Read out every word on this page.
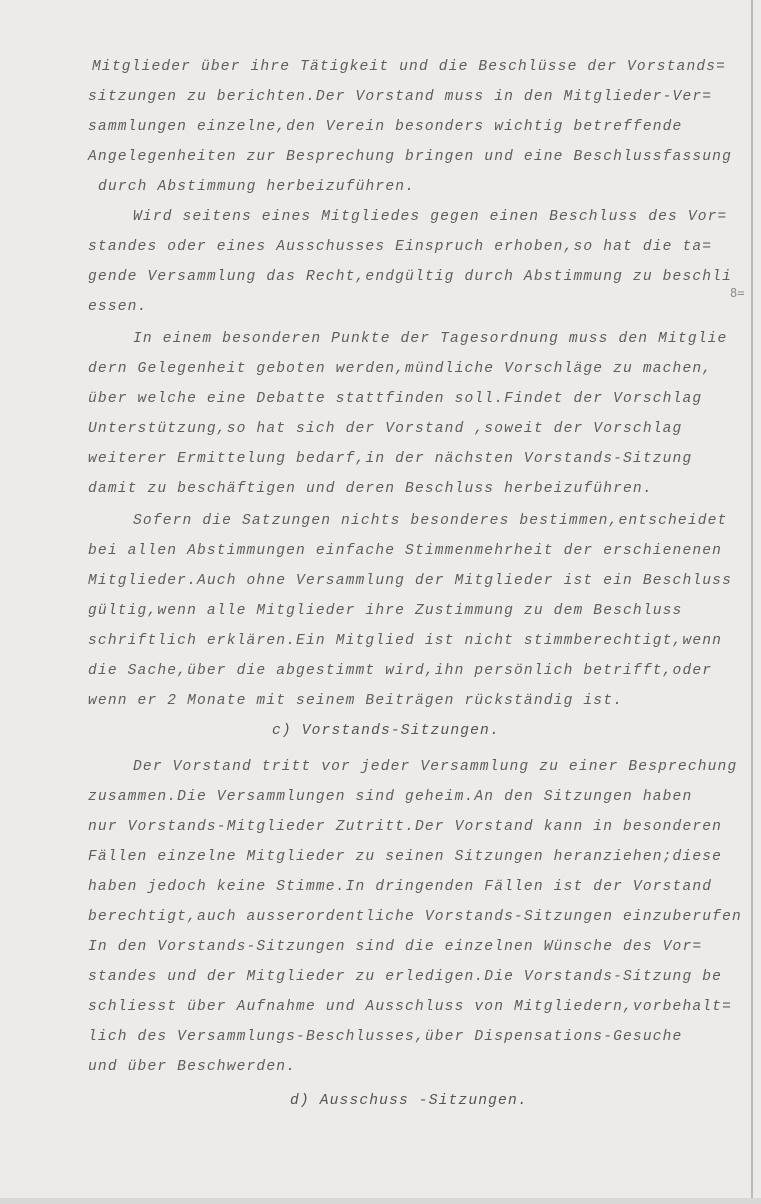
Mitglieder über ihre Tätigkeit und die Beschlüsse der Vorstands=
sitzungen zu berichten.Der Vorstand muss in den Mitglieder-Ver=
sammlungen einzelne,den Verein besonders wichtig betreffende
Angelegenheiten zur Besprechung bringen und eine Beschlussfassung
durch Abstimmung herbeizuführen.
Wird seitens eines Mitgliedes gegen einen Beschluss des Vor=
standes oder eines Ausschusses Einspruch erhoben,so hat die ta=
gende Versammlung das Recht,endgültig durch Abstimmung zu beschli
essen.
8=
In einem besonderen Punkte der Tagesordnung muss den Mitglie
dern Gelegenheit geboten werden,mündliche Vorschläge zu machen,
über welche eine Debatte stattfinden soll.Findet der Vorschlag
Unterstützung,so hat sich der Vorstand ,soweit der Vorschlag
weiterer Ermittelung bedarf,in der nächsten Vorstands-Sitzung
damit zu beschäftigen und deren Beschluss herbeizuführen.
Sofern die Satzungen nichts besonderes bestimmen,entscheidet
bei allen Abstimmungen einfache Stimmenmehrheit der erschienenen
Mitglieder.Auch ohne Versammlung der Mitglieder ist ein Beschluss
gültig,wenn alle Mitglieder ihre Zustimmung zu dem Beschluss
schriftlich erklären.Ein Mitglied ist nicht stimmberechtigt,wenn
die Sache,über die abgestimmt wird,ihn persönlich betrifft,oder
wenn er 2 Monate mit seinem Beiträgen rückständig ist.
c) Vorstands-Sitzungen.
Der Vorstand tritt vor jeder Versammlung zu einer Besprechung
zusammen.Die Versammlungen sind geheim.An den Sitzungen haben
nur Vorstands-Mitglieder Zutritt.Der Vorstand kann in besonderen
Fällen einzelne Mitglieder zu seinen Sitzungen heranziehen;diese
haben jedoch keine Stimme.In dringenden Fällen ist der Vorstand
berechtigt,auch ausserordentliche Vorstands-Sitzungen einzuberufen
In den Vorstands-Sitzungen sind die einzelnen Wünsche des Vor=
standes und der Mitglieder zu erledigen.Die Vorstands-Sitzung be
schliesst über Aufnahme und Ausschluss von Mitgliedern,vorbehalt=
lich des Versammlungs-Beschlusses,über Dispensations-Gesuche
und über Beschwerden.
d) Ausschuss -Sitzungen.
